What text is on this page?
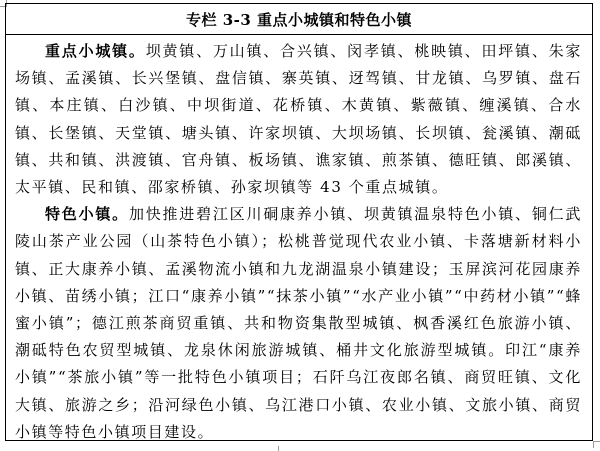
专栏 3-3 重点小城镇和特色小镇

重点小城镇。坝黄镇、万山镇、合兴镇、闵孝镇、桃映镇、田坪镇、朱家场镇、孟溪镇、长兴堡镇、盘信镇、寨英镇、迓驾镇、甘龙镇、乌罗镇、盘石镇、本庄镇、白沙镇、中坝街道、花桥镇、木黄镇、紫薇镇、缠溪镇、合水镇、长堡镇、天堂镇、塘头镇、许家坝镇、大坝场镇、长坝镇、瓮溪镇、潮砥镇、共和镇、洪渡镇、官舟镇、板场镇、谯家镇、煎茶镇、德旺镇、郎溪镇、太平镇、民和镇、邵家桥镇、孙家坝镇等 43 个重点城镇。

特色小镇。加快推进碧江区川硐康养小镇、坝黄镇温泉特色小镇、铜仁武陵山茶产业公园（山茶特色小镇）；松桃普觉现代农业小镇、卡落塘新材料小镇、正大康养小镇、孟溪物流小镇和九龙湖温泉小镇建设；玉屏滨河花园康养小镇、苗绣小镇；江口“康养小镇”“抹茶小镇”“水产业小镇”“中药材小镇”“蜂蜜小镇”；德江煎茶商贸重镇、共和物资集散型城镇、枫香溪红色旅游小镇、潮砥特色农贸型城镇、龙泉休闲旅游城镇、桶井文化旅游型城镇。印江“康养小镇”“茶旅小镇”等一批特色小镇项目；石阡乌江夜郎名镇、商贸旺镇、文化大镇、旅游之乡；沿河绿色小镇、乌江港口小镇、农业小镇、文旅小镇、商贸小镇等特色小镇项目建设。
